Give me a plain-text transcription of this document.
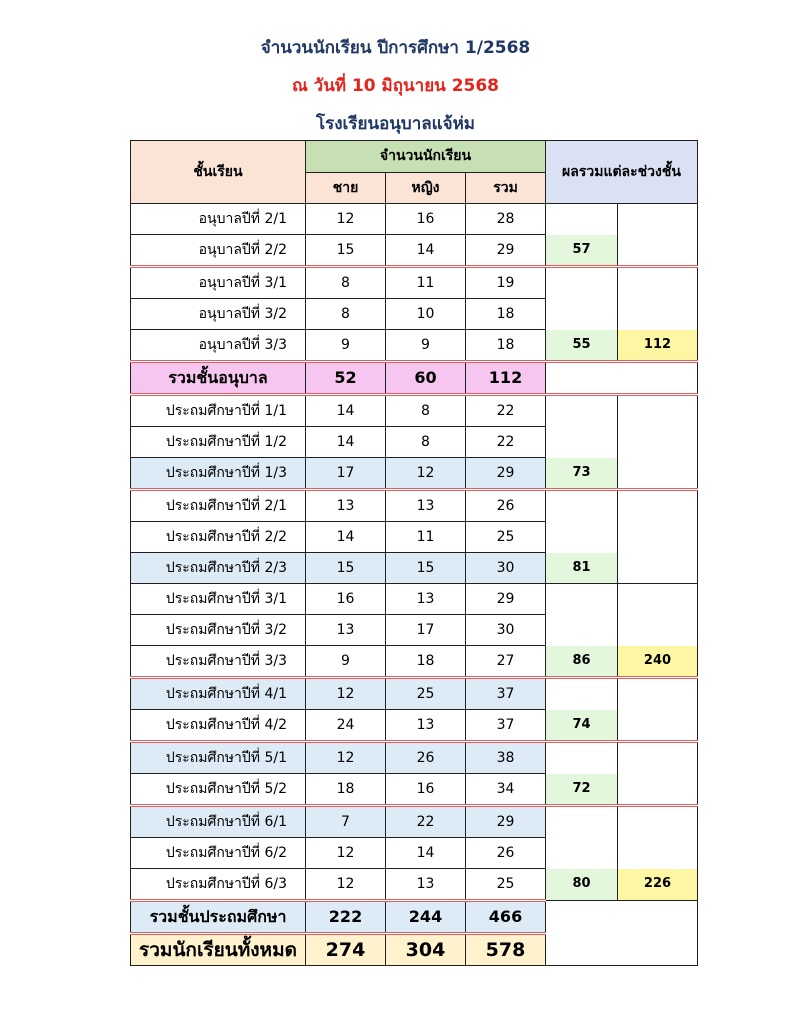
จำนวนนักเรียน ปีการศึกษา 1/2568
ณ วันที่ 10 มิถุนายน 2568
โรงเรียนอนุบาลแจ้ห่ม
ชั้นเรียน	จำนวนนักเรียน			ผลรวมแต่ละช่วงชั้น	
	ชาย	หญิง	รวม		
อนุบาลปีที่ 2/1	12	16	28		
อนุบาลปีที่ 2/2	15	14	29	57	
อนุบาลปีที่ 3/1	8	11	19		
อนุบาลปีที่ 3/2	8	10	18		
อนุบาลปีที่ 3/3	9	9	18	55	112
รวมชั้นอนุบาล	52	60	112		
ประถมศึกษาปีที่ 1/1	14	8	22		
ประถมศึกษาปีที่ 1/2	14	8	22		
ประถมศึกษาปีที่ 1/3	17	12	29	73	
ประถมศึกษาปีที่ 2/1	13	13	26		
ประถมศึกษาปีที่ 2/2	14	11	25		
ประถมศึกษาปีที่ 2/3	15	15	30	81	
ประถมศึกษาปีที่ 3/1	16	13	29		
ประถมศึกษาปีที่ 3/2	13	17	30		
ประถมศึกษาปีที่ 3/3	9	18	27	86	240
ประถมศึกษาปีที่ 4/1	12	25	37		
ประถมศึกษาปีที่ 4/2	24	13	37	74	
ประถมศึกษาปีที่ 5/1	12	26	38		
ประถมศึกษาปีที่ 5/2	18	16	34	72	
ประถมศึกษาปีที่ 6/1	7	22	29		
ประถมศึกษาปีที่ 6/2	12	14	26		
ประถมศึกษาปีที่ 6/3	12	13	25	80	226
รวมชั้นประถมศึกษา	222	244	466		
รวมนักเรียนทั้งหมด	274	304	578		
